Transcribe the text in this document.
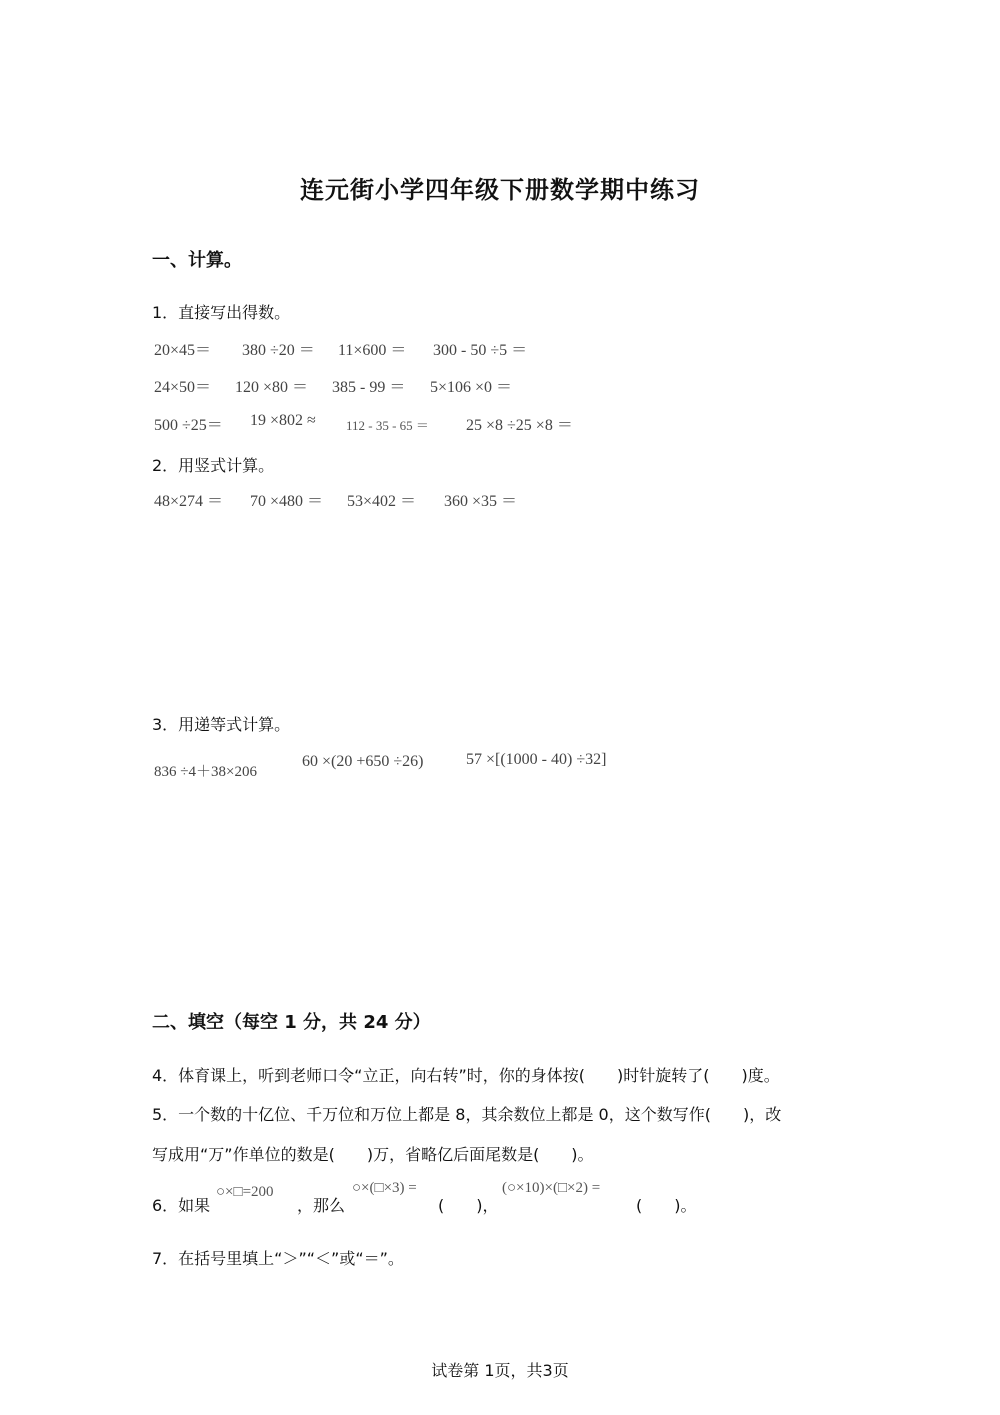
连元街小学四年级下册数学期中练习
一、计算。
1．直接写出得数。
20×45＝ 380 ÷20 ＝ 11×600 ＝ 300 - 50 ÷5 ＝
24×50＝ 120 ×80 ＝ 385 - 99 ＝ 5×106 ×0 ＝
500 ÷25＝ 19 ×802 ≈ 112 - 35 - 65 ＝ 25 ×8 ÷25 ×8 ＝
2．用竖式计算。
48×274 ＝ 70 ×480 ＝ 53×402 ＝ 360 ×35 ＝
3．用递等式计算。
836 ÷4＋38×206
60 ×(20 +650 ÷26)	57 ×[(1000 - 40) ÷32]
二、填空（每空 1 分，共 24 分）
4．体育课上，听到老师口令“立正，向右转”时，你的身体按(　　)时针旋转了(　　)度。
5．一个数的十亿位、千万位和万位上都是 8，其余数位上都是 0，这个数写作(　　)，改
写成用“万”作单位的数是(　　)万，省略亿后面尾数是(　　)。
6．如果
○×□=200
，那么
○×(□×3) =
(　　)，
(○×10)×(□×2) =
(　　)。
7．在括号里填上“＞”“＜”或“＝”。
试卷第 1页，共3页
